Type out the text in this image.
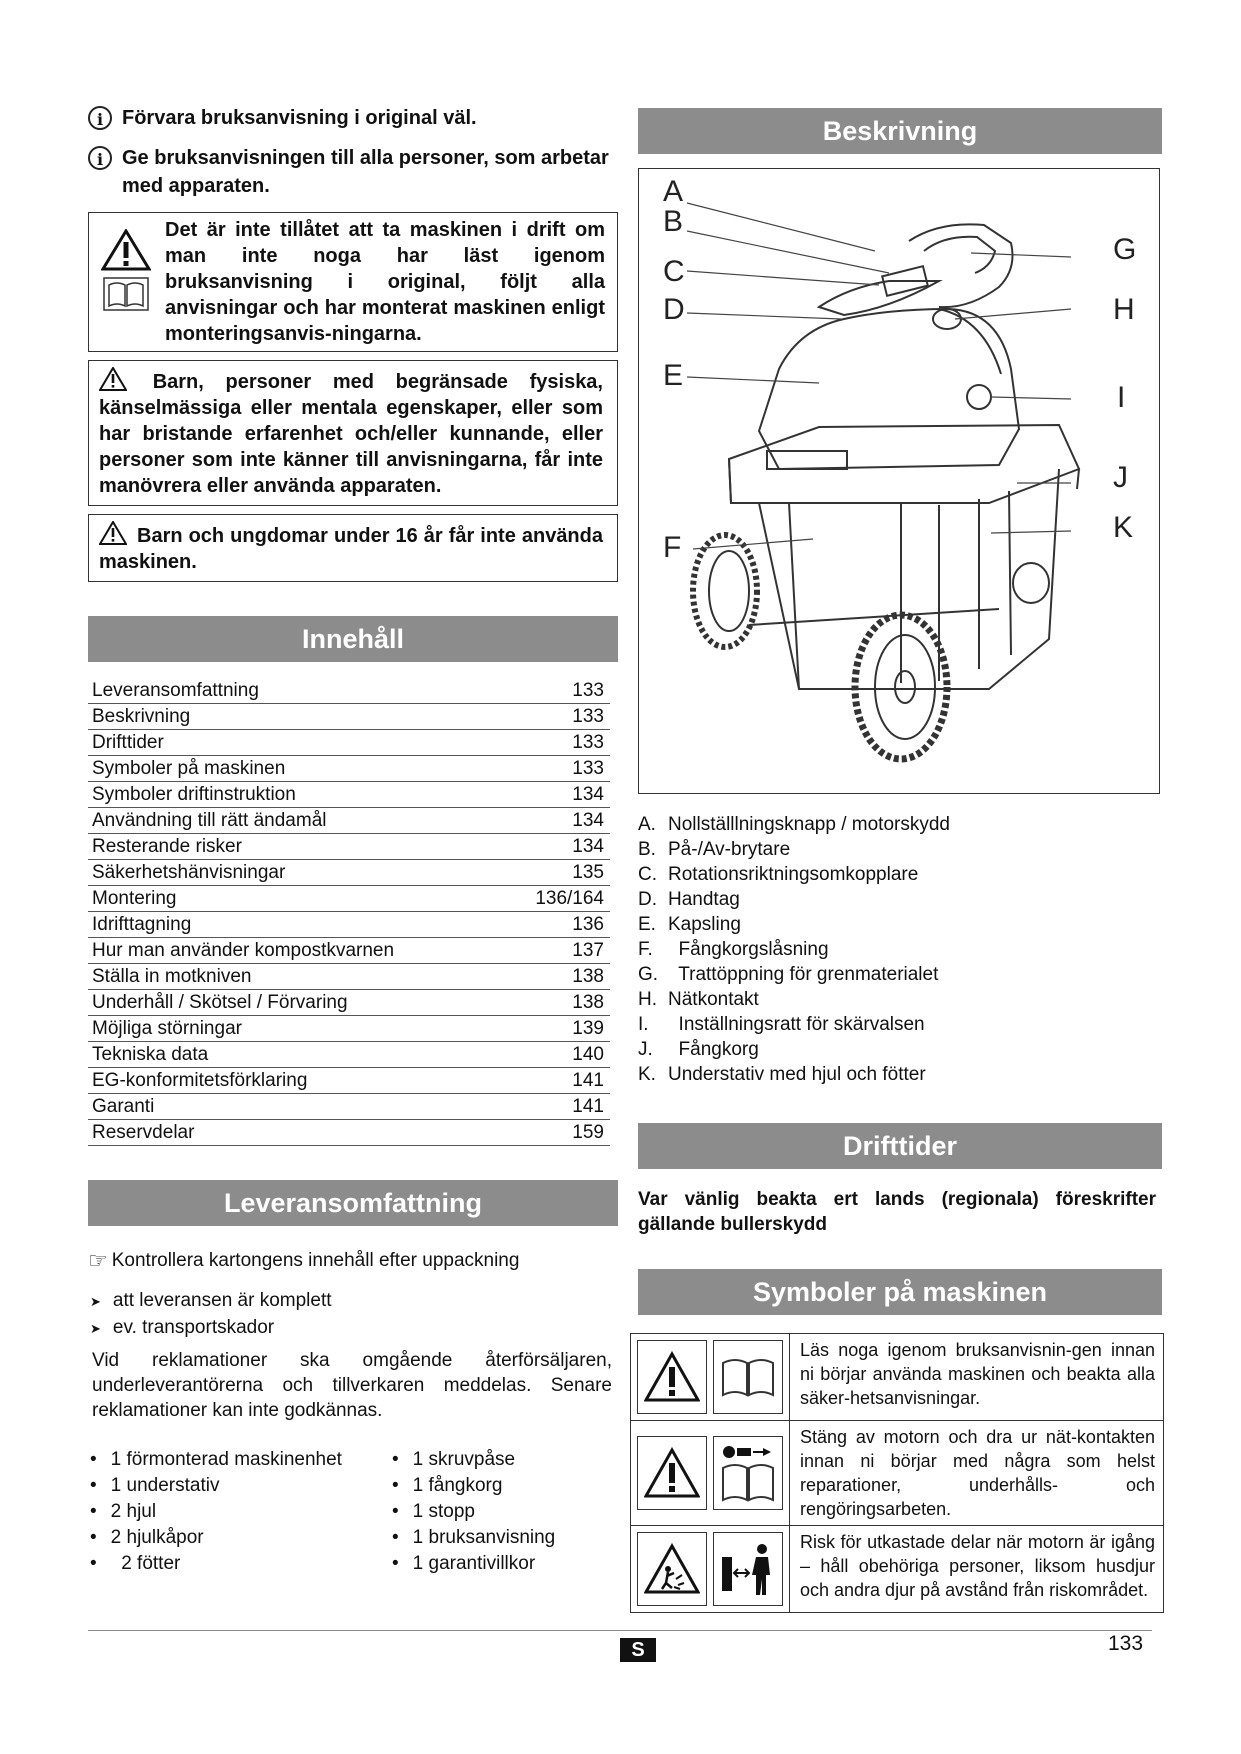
i Förvara bruksanvisning i original väl.
i Ge bruksanvisningen till alla personer, som arbetar med apparaten.
Det är inte tillåtet att ta maskinen i drift om man inte noga har läst igenom bruksanvisning i original, följt alla anvisningar och har monterat maskinen enligt monteringsanvis-ningarna.
Barn, personer med begränsade fysiska, känselmässiga eller mentala egenskaper, eller som har bristande erfarenhet och/eller kunnande, eller personer som inte känner till anvisningarna, får inte manövrera eller använda apparaten.
Barn och ungdomar under 16 år får inte använda maskinen.
Innehåll
Leveransomfattning	133
Beskrivning	133
Drifttider	133
Symboler på maskinen	133
Symboler driftinstruktion	134
Användning till rätt ändamål	134
Resterande risker	134
Säkerhetshänvisningar	135
Montering	136/164
Idrifttagning	136
Hur man använder kompostkvarnen	137
Ställa in motkniven	138
Underhåll / Skötsel / Förvaring	138
Möjliga störningar	139
Tekniska data	140
EG-konformitetsförklaring	141
Garanti	141
Reservdelar	159
Leveransomfattning
☞ Kontrollera kartongens innehåll efter uppackning
➤ att leveransen är komplett
➤ ev. transportskador
Vid reklamationer ska omgående återförsäljaren, underleverantörerna och tillverkaren meddelas. Senare reklamationer kan inte godkännas.
• 1 förmonterad maskinenhet
• 1 understativ
• 2 hjul
• 2 hjulkåpor
•   2 fötter
• 1 skruvpåse
• 1 fångkorg
• 1 stopp
• 1 bruksanvisning
• 1 garantivillkor
Beskrivning
A
B
C
D
E
F
G
H
I
J
K
A. Nollställlningsknapp / motorskydd
B. På-/Av-brytare
C. Rotationsriktningsomkopplare
D. Handtag
E. Kapsling
F. Fångkorgslåsning
G. Trattöppning för grenmaterialet
H. Nätkontakt
I.	Inställningsratt för skärvalsen
J. Fångkorg
K. Understativ med hjul och fötter
Drifttider
Var vänlig beakta ert lands (regionala) föreskrifter gällande bullerskydd
Symboler på maskinen
Läs noga igenom bruksanvisnin-gen innan ni börjar använda maskinen och beakta alla säker-hetsanvisningar.
Stäng av motorn och dra ur nät-kontakten innan ni börjar med några som helst reparationer, underhålls- och rengöringsarbeten.
Risk för utkastade delar när motorn är igång – håll obehöriga personer, liksom husdjur och andra djur på avstånd från riskområdet.
S	133
